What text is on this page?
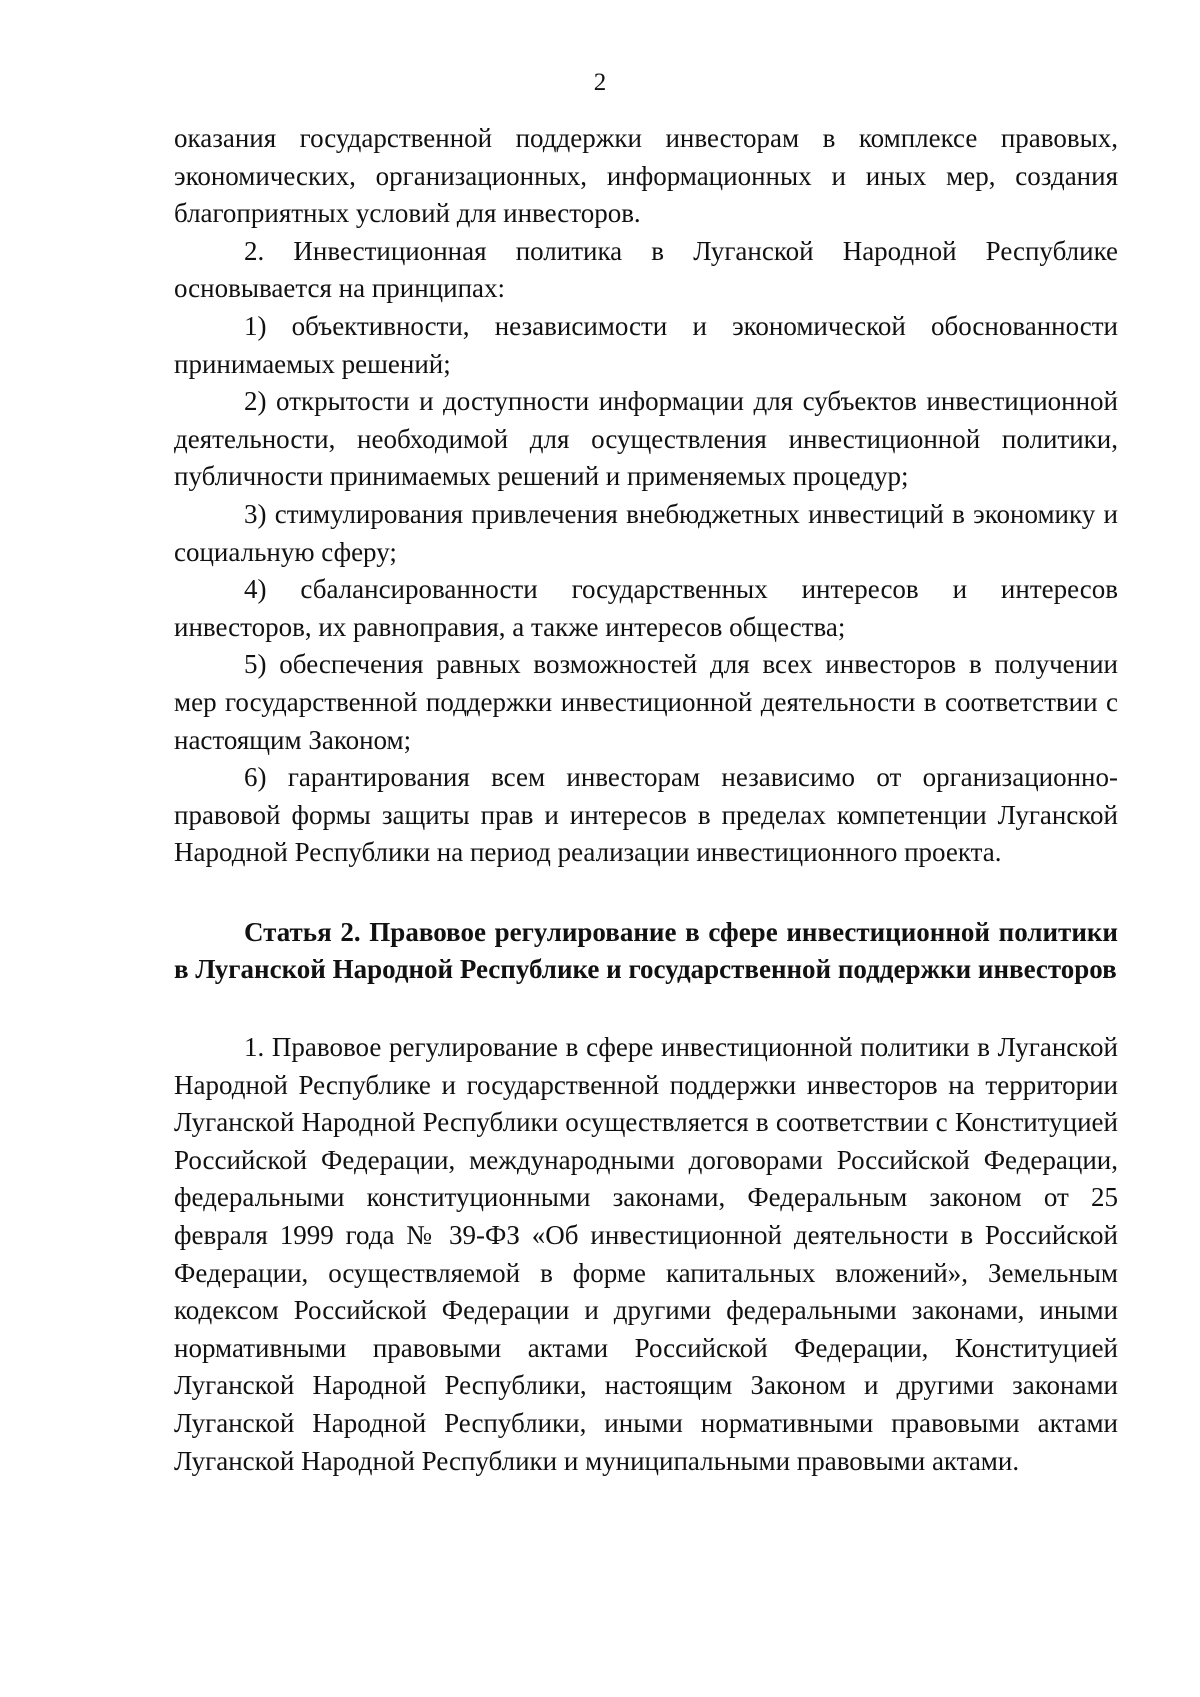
2

оказания государственной поддержки инвесторам в комплексе правовых, экономических, организационных, информационных и иных мер, создания благоприятных условий для инвесторов.

2. Инвестиционная политика в Луганской Народной Республике основывается на принципах:

1) объективности, независимости и экономической обоснованности принимаемых решений;

2) открытости и доступности информации для субъектов инвестиционной деятельности, необходимой для осуществления инвестиционной политики, публичности принимаемых решений и применяемых процедур;

3) стимулирования привлечения внебюджетных инвестиций в экономику и социальную сферу;

4) сбалансированности государственных интересов и интересов инвесторов, их равноправия, а также интересов общества;

5) обеспечения равных возможностей для всех инвесторов в получении мер государственной поддержки инвестиционной деятельности в соответствии с настоящим Законом;

6) гарантирования всем инвесторам независимо от организационно-правовой формы защиты прав и интересов в пределах компетенции Луганской Народной Республики на период реализации инвестиционного проекта.

Статья 2. Правовое регулирование в сфере инвестиционной политики в Луганской Народной Республике и государственной поддержки инвесторов

1. Правовое регулирование в сфере инвестиционной политики в Луганской Народной Республике и государственной поддержки инвесторов на территории Луганской Народной Республики осуществляется в соответствии с Конституцией Российской Федерации, международными договорами Российской Федерации, федеральными конституционными законами, Федеральным законом от 25 февраля 1999 года № 39-ФЗ «Об инвестиционной деятельности в Российской Федерации, осуществляемой в форме капитальных вложений», Земельным кодексом Российской Федерации и другими федеральными законами, иными нормативными правовыми актами Российской Федерации, Конституцией Луганской Народной Республики, настоящим Законом и другими законами Луганской Народной Республики, иными нормативными правовыми актами Луганской Народной Республики и муниципальными правовыми актами.
